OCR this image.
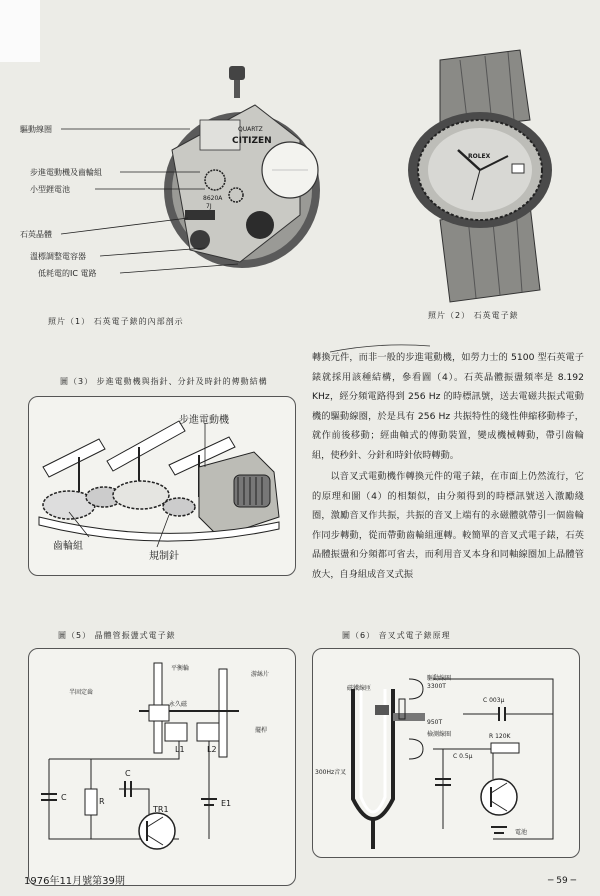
CITIZEN
QUARTZ
8620A
7J
驅動線圈
步進電動機及齒輪組
小型鋰電池
石英晶體
溫標調整電容器
低耗電的IC 電路
照片（1） 石英電子錶的內部剖示
ROLEX
照片（2） 石英電子錶
圖（3） 步進電動機與指針、分針及時針的傳動結構
步進電動機
齒輪組
規制針

轉換元件，而非一般的步進電動機，如勞力士的 5100 型石英電子錶就採用該種結構，參看圖（4）。石英晶體振盪頻率是 8.192 KHz，經分頻電路得到 256 Hz 的時標訊號，送去電磁共振式電動機的驅動線圈，於是具有 256 Hz 共振特性的綫性伸縮移動棒子，就作前後移動；經曲軸式的傳動裝置，變成機械轉動，帶引齒輪組，使秒針、分針和時針依時轉動。

以音叉式電動機作轉換元件的電子錶，在市面上仍然流行，它的原理和圖（4）的相類似，由分頻得到的時標訊號送入激勵綫圈，激勵音叉作共振，共振的音叉上端有的永磁體就帶引一個齒輪作同步轉動，從而帶動齒輪組運轉。較簡單的音叉式電子錶，石英晶體振盪和分頻都可省去，而利用音叉本身和同軸線圈加上晶體管放大，自身組成音叉式振

圖（5） 晶體管振盪式電子錶
平衡輪
游絲片
半固定齒
永久磁
擺桿
L1	L2
C	R
C
TR1
E1
圖（6） 音叉式電子錶原理
磁鐵線匝
驅動線圈
3300T
950T
檢測線圈
C 003μ
R 120K
C 0.5μ
300Hz音叉
電池
1976年11月號第39期	─ 59 ─
